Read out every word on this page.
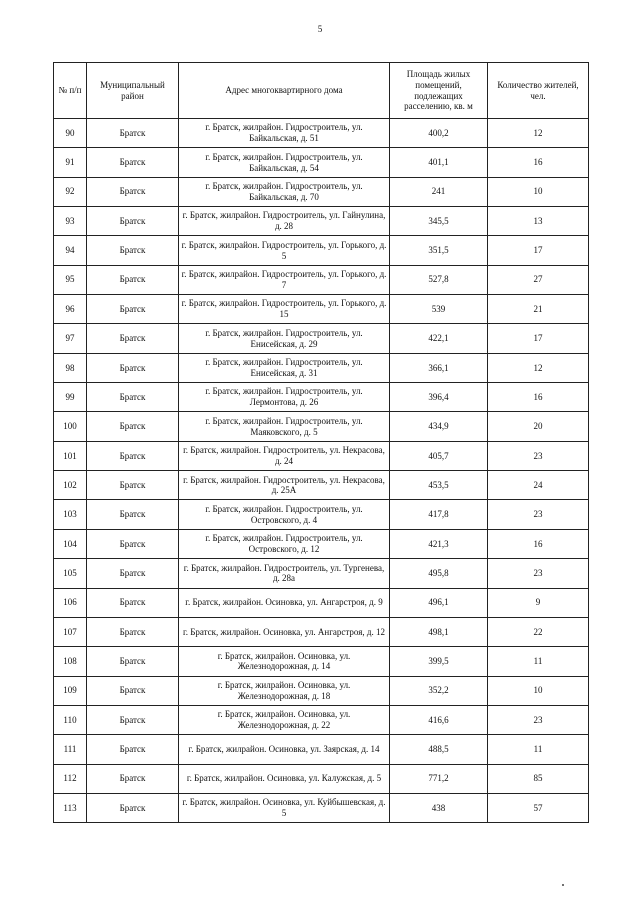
5
№ п/п	Муниципальный район	Адрес многоквартирного дома	Площадь жилых помещений, подлежащих расселению, кв. м	Количество жителей, чел.
90	Братск	г. Братск, жилрайон. Гидростроитель, ул. Байкальская, д. 51	400,2	12
91	Братск	г. Братск, жилрайон. Гидростроитель, ул. Байкальская, д. 54	401,1	16
92	Братск	г. Братск, жилрайон. Гидростроитель, ул. Байкальская, д. 70	241	10
93	Братск	г. Братск, жилрайон. Гидростроитель, ул. Гайнулина, д. 28	345,5	13
94	Братск	г. Братск, жилрайон. Гидростроитель, ул. Горького, д. 5	351,5	17
95	Братск	г. Братск, жилрайон. Гидростроитель, ул. Горького, д. 7	527,8	27
96	Братск	г. Братск, жилрайон. Гидростроитель, ул. Горького, д. 15	539	21
97	Братск	г. Братск, жилрайон. Гидростроитель, ул. Енисейская, д. 29	422,1	17
98	Братск	г. Братск, жилрайон. Гидростроитель, ул. Енисейская, д. 31	366,1	12
99	Братск	г. Братск, жилрайон. Гидростроитель, ул. Лермонтова, д. 26	396,4	16
100	Братск	г. Братск, жилрайон. Гидростроитель, ул. Маяковского, д. 5	434,9	20
101	Братск	г. Братск, жилрайон. Гидростроитель, ул. Некрасова, д. 24	405,7	23
102	Братск	г. Братск, жилрайон. Гидростроитель, ул. Некрасова, д. 25А	453,5	24
103	Братск	г. Братск, жилрайон. Гидростроитель, ул. Островского, д. 4	417,8	23
104	Братск	г. Братск, жилрайон. Гидростроитель, ул. Островского, д. 12	421,3	16
105	Братск	г. Братск, жилрайон. Гидростроитель, ул. Тургенева, д. 28а	495,8	23
106	Братск	г. Братск, жилрайон. Осиновка, ул. Ангарстроя, д. 9	496,1	9
107	Братск	г. Братск, жилрайон. Осиновка, ул. Ангарстроя, д. 12	498,1	22
108	Братск	г. Братск, жилрайон. Осиновка, ул. Железнодорожная, д. 14	399,5	11
109	Братск	г. Братск, жилрайон. Осиновка, ул. Железнодорожная, д. 18	352,2	10
110	Братск	г. Братск, жилрайон. Осиновка, ул. Железнодорожная, д. 22	416,6	23
111	Братск	г. Братск, жилрайон. Осиновка, ул. Заярская, д. 14	488,5	11
112	Братск	г. Братск, жилрайон. Осиновка, ул. Калужская, д. 5	771,2	85
113	Братск	г. Братск, жилрайон. Осиновка, ул. Куйбышевская, д. 5	438	57
